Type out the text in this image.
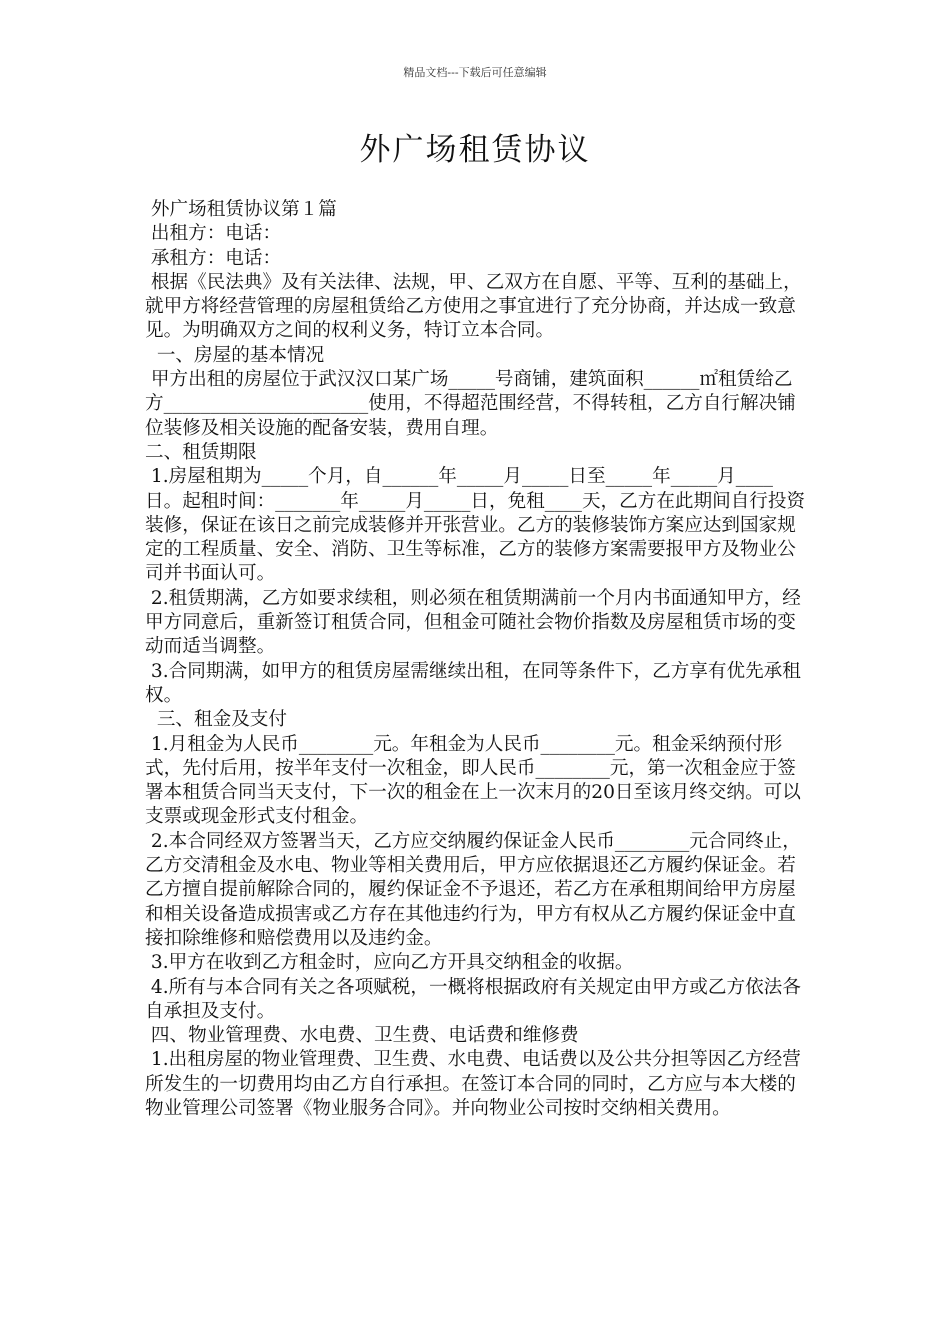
精品文档---下载后可任意编辑
外广场租赁协议

外广场租赁协议第１篇

出租方：电话：

承租方：电话：

根据《民法典》及有关法律、法规，甲、乙双方在自愿、平等、互利的基础上，就甲方将经营管理的房屋租赁给乙方使用之事宜进行了充分协商，并达成一致意见。为明确双方之间的权利义务，特订立本合同。

一、房屋的基本情况

甲方出租的房屋位于武汉汉口某广场_____号商铺，建筑面积______㎡租赁给乙方______________________使用，不得超范围经营，不得转租，乙方自行解决铺位装修及相关设施的配备安装，费用自理。

二、租赁期限

1.房屋租期为_____个月，自______年_____月_____日至_____年_____月____日。起租时间：_______年_____月_____日，免租____天，乙方在此期间自行投资装修，保证在该日之前完成装修并开张营业。乙方的装修装饰方案应达到国家规定的工程质量、安全、消防、卫生等标准，乙方的装修方案需要报甲方及物业公司并书面认可。

2.租赁期满，乙方如要求续租，则必须在租赁期满前一个月内书面通知甲方，经甲方同意后，重新签订租赁合同，但租金可随社会物价指数及房屋租赁市场的变动而适当调整。

3.合同期满，如甲方的租赁房屋需继续出租，在同等条件下，乙方享有优先承租权。

三、租金及支付

1.月租金为人民币________元。年租金为人民币________元。租金采纳预付形式，先付后用，按半年支付一次租金，即人民币________元，第一次租金应于签署本租赁合同当天支付，下一次的租金在上一次末月的20日至该月终交纳。可以支票或现金形式支付租金。

2.本合同经双方签署当天，乙方应交纳履约保证金人民币________元合同终止，乙方交清租金及水电、物业等相关费用后，甲方应依据退还乙方履约保证金。若乙方擅自提前解除合同的，履约保证金不予退还，若乙方在承租期间给甲方房屋和相关设备造成损害或乙方存在其他违约行为，甲方有权从乙方履约保证金中直接扣除维修和赔偿费用以及违约金。

3.甲方在收到乙方租金时，应向乙方开具交纳租金的收据。

4.所有与本合同有关之各项赋税，一概将根据政府有关规定由甲方或乙方依法各自承担及支付。

四、物业管理费、水电费、卫生费、电话费和维修费

1.出租房屋的物业管理费、卫生费、水电费、电话费以及公共分担等因乙方经营所发生的一切费用均由乙方自行承担。在签订本合同的同时，乙方应与本大楼的物业管理公司签署《物业服务合同》。并向物业公司按时交纳相关费用。
